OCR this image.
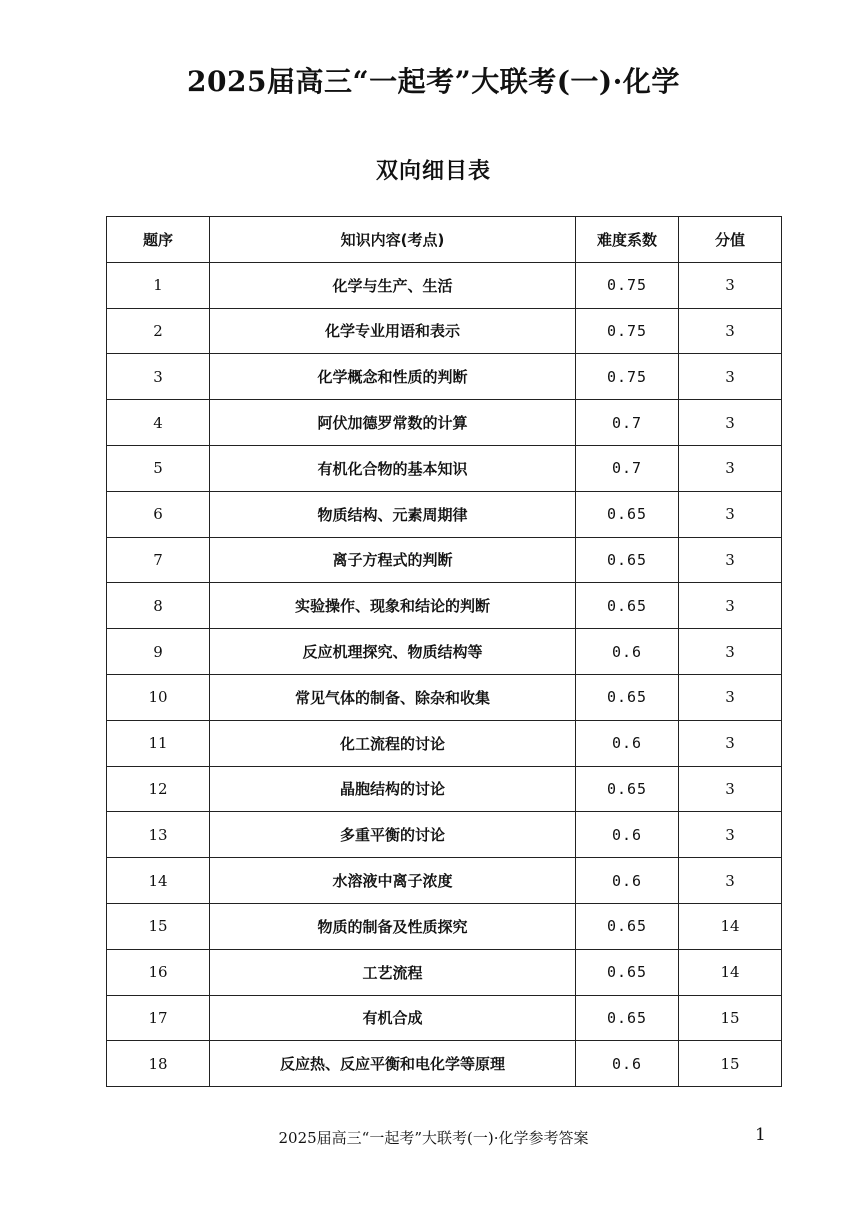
2025届高三“一起考”大联考(一)·化学
双向细目表
题序	知识内容(考点)	难度系数	分值
1	化学与生产、生活	0.75	3
2	化学专业用语和表示	0.75	3
3	化学概念和性质的判断	0.75	3
4	阿伏加德罗常数的计算	0.7	3
5	有机化合物的基本知识	0.7	3
6	物质结构、元素周期律	0.65	3
7	离子方程式的判断	0.65	3
8	实验操作、现象和结论的判断	0.65	3
9	反应机理探究、物质结构等	0.6	3
10	常见气体的制备、除杂和收集	0.65	3
11	化工流程的讨论	0.6	3
12	晶胞结构的讨论	0.65	3
13	多重平衡的讨论	0.6	3
14	水溶液中离子浓度	0.6	3
15	物质的制备及性质探究	0.65	14
16	工艺流程	0.65	14
17	有机合成	0.65	15
18	反应热、反应平衡和电化学等原理	0.6	15
2025届高三“一起考”大联考(一)·化学参考答案	1
